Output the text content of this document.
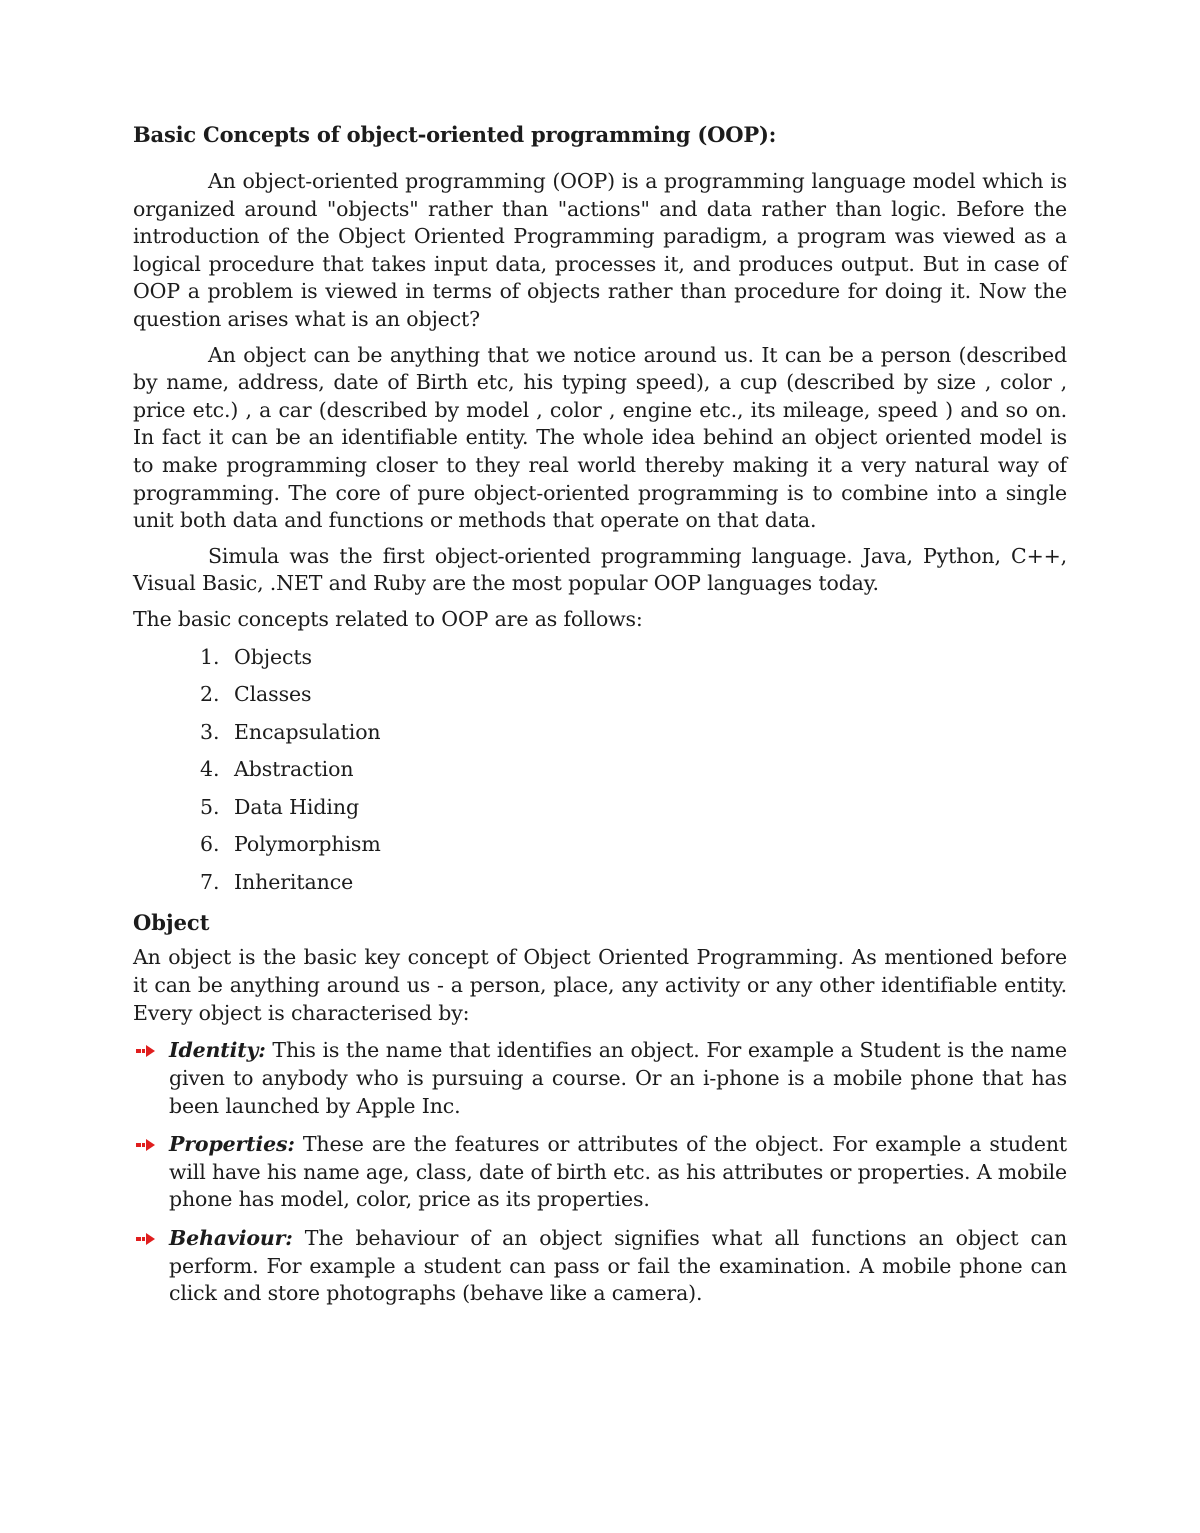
Basic Concepts of object-oriented programming (OOP):

An object-oriented programming (OOP) is a programming language model which is organized around "objects" rather than "actions" and data rather than logic. Before the introduction of the Object Oriented Programming paradigm, a program was viewed as a logical procedure that takes input data, processes it, and produces output. But in case of OOP a problem is viewed in terms of objects rather than procedure for doing it. Now the question arises what is an object?

An object can be anything that we notice around us. It can be a person (described by name, address, date of Birth etc, his typing speed), a cup (described by size , color , price etc.) , a car (described by model , color , engine etc., its mileage, speed ) and so on. In fact it can be an identifiable entity. The whole idea behind an object oriented model is to make programming closer to they real world thereby making it a very natural way of programming. The core of pure object-oriented programming is to combine into a single unit both data and functions or methods that operate on that data.

Simula was the first object-oriented programming language. Java, Python, C++, Visual Basic, .NET and Ruby are the most popular OOP languages today.

The basic concepts related to OOP are as follows:

1. Objects
2. Classes
3. Encapsulation
4. Abstraction
5. Data Hiding
6. Polymorphism
7. Inheritance
Object

An object is the basic key concept of Object Oriented Programming. As mentioned before it can be anything around us - a person, place, any activity or any other identifiable entity. Every object is characterised by:

Identity: This is the name that identifies an object. For example a Student is the name given to anybody who is pursuing a course. Or an i-phone is a mobile phone that has been launched by Apple Inc.
Properties: These are the features or attributes of the object. For example a student will have his name age, class, date of birth etc. as his attributes or properties. A mobile phone has model, color, price as its properties.
Behaviour: The behaviour of an object signifies what all functions an object can perform. For example a student can pass or fail the examination. A mobile phone can click and store photographs (behave like a camera).
